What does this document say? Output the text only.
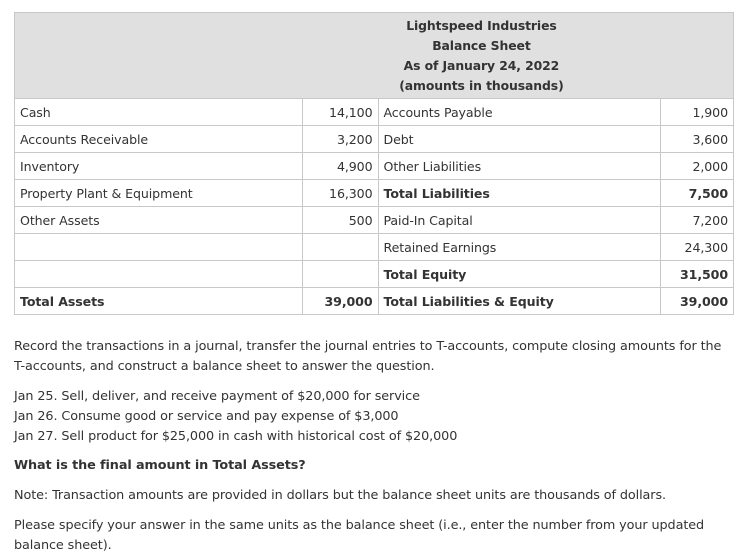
	Lightspeed Industries
Balance Sheet
As of January 24, 2022
(amounts in thousands)		

Cash	14,100	Accounts Payable	1,900
Accounts Receivable	3,200	Debt	3,600
Inventory	4,900	Other Liabilities	2,000
Property Plant & Equipment	16,300	Total Liabilities	7,500
Other Assets	500	Paid-In Capital	7,200
		Retained Earnings	24,300
		Total Equity	31,500
Total Assets	39,000	Total Liabilities & Equity	39,000

Record the transactions in a journal, transfer the journal entries to T-accounts, compute closing amounts for the T-accounts, and construct a balance sheet to answer the question.

Jan 25. Sell, deliver, and receive payment of $20,000 for service
Jan 26. Consume good or service and pay expense of $3,000
Jan 27. Sell product for $25,000 in cash with historical cost of $20,000

What is the final amount in Total Assets?

Note: Transaction amounts are provided in dollars but the balance sheet units are thousands of dollars.

Please specify your answer in the same units as the balance sheet (i.e., enter the number from your updated balance sheet).
